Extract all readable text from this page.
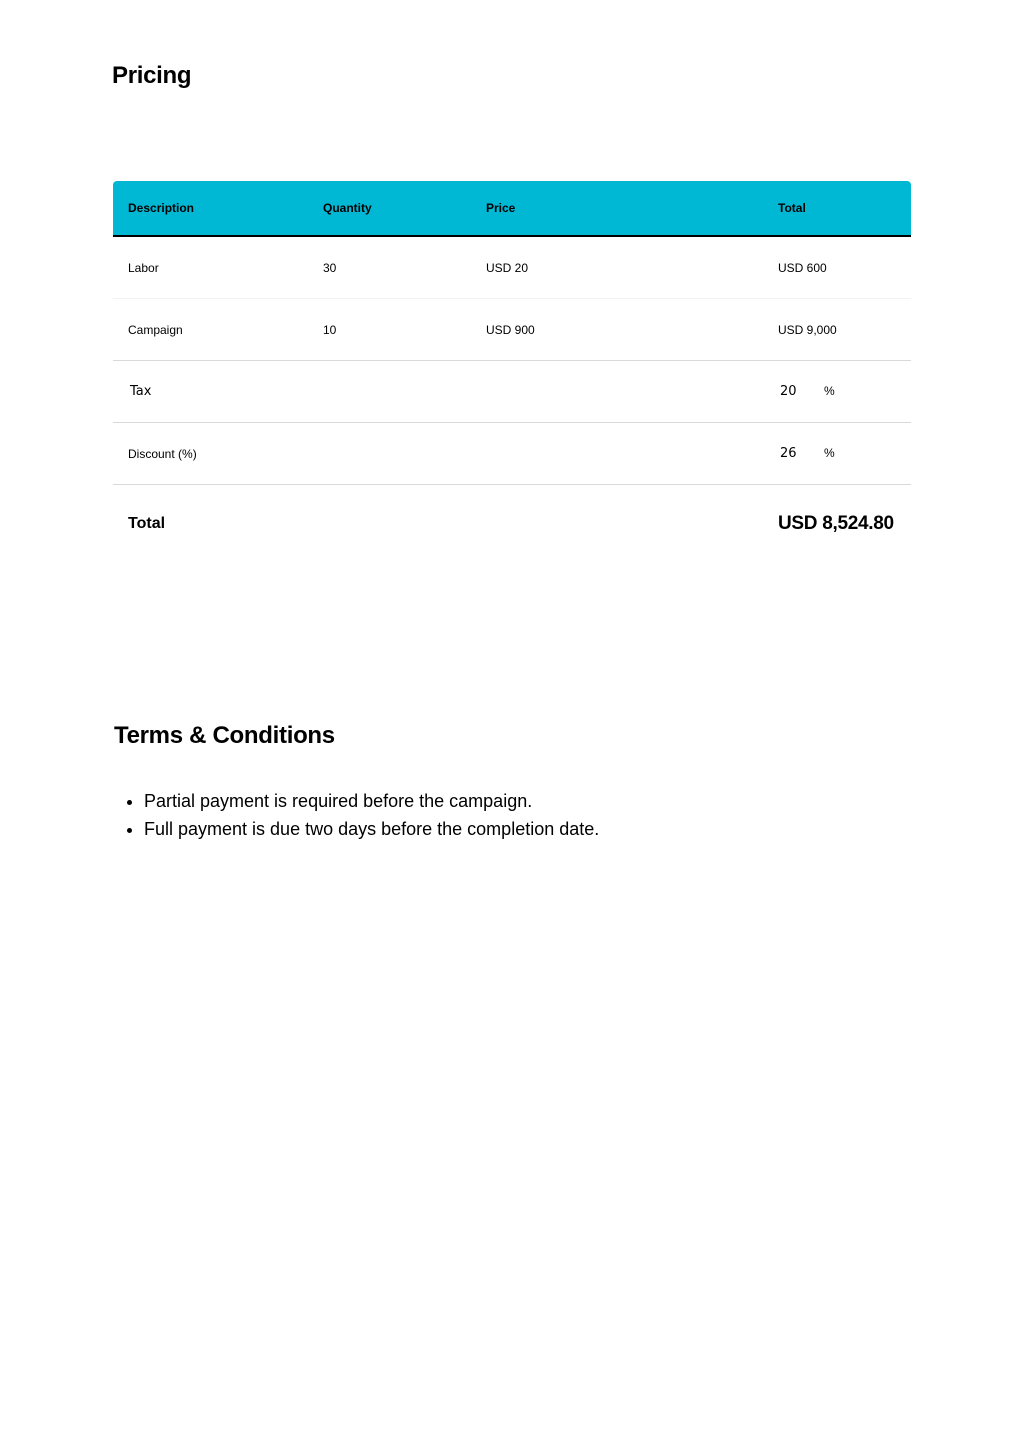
Pricing
Description	Quantity	Price	Total
Labor	30	USD 20	USD 600
Campaign	10	USD 900	USD 9,000
Tax			20 %
Discount (%)			26 %
Total			USD 8,524.80
Terms & Conditions
• Partial payment is required before the campaign.
• Full payment is due two days before the completion date.
